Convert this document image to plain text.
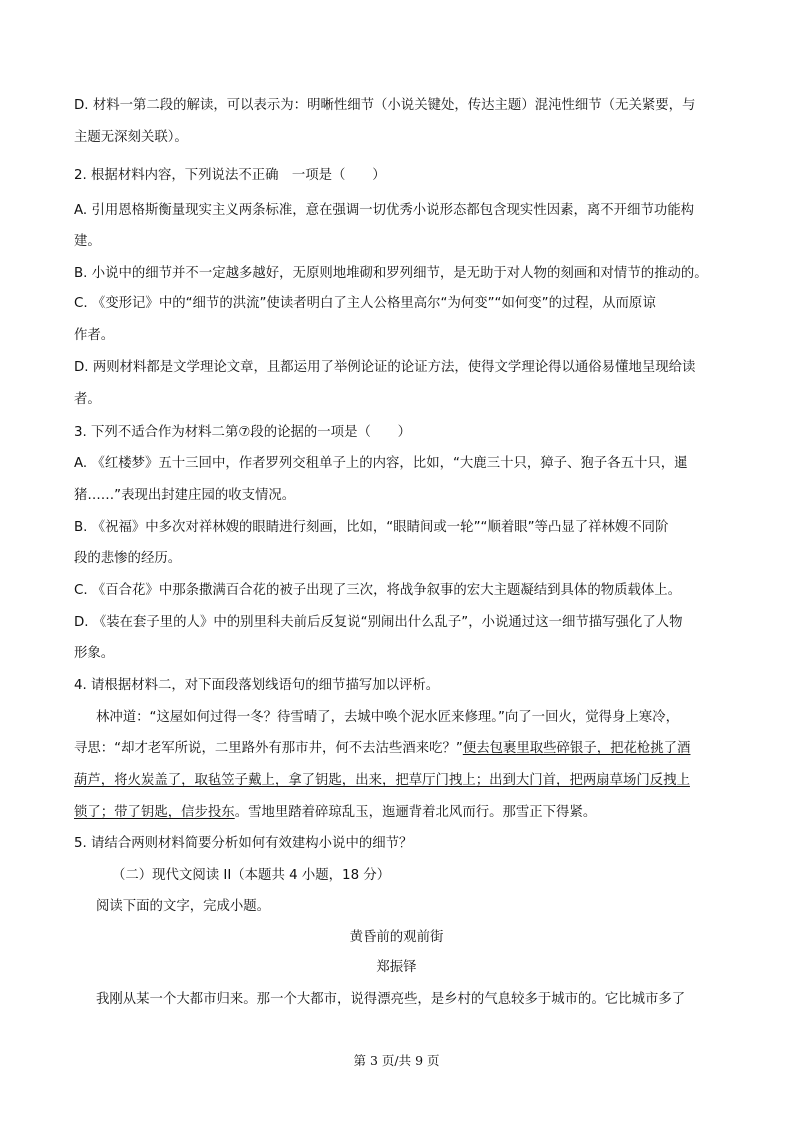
D. 材料一第二段的解读，可以表示为：明晰性细节（小说关键处，传达主题）混沌性细节（无关紧要，与
主题无深刻关联）。
2. 根据材料内容，下列说法不正确　一项是（　　）
A. 引用恩格斯衡量现实主义两条标准，意在强调一切优秀小说形态都包含现实性因素，离不开细节功能构
建。
B. 小说中的细节并不一定越多越好，无原则地堆砌和罗列细节，是无助于对人物的刻画和对情节的推动的。
C. 《变形记》中的“细节的洪流”使读者明白了主人公格里高尔“为何变”“如何变”的过程，从而原谅
作者。
D. 两则材料都是文学理论文章，且都运用了举例论证的论证方法，使得文学理论得以通俗易懂地呈现给读
者。
3. 下列不适合作为材料二第⑦段的论据的一项是（　　）
A. 《红楼梦》五十三回中，作者罗列交租单子上的内容，比如，“大鹿三十只，獐子、狍子各五十只，暹
猪……”表现出封建庄园的收支情况。
B. 《祝福》中多次对祥林嫂的眼睛进行刻画，比如，“眼睛间或一轮”“顺着眼”等凸显了祥林嫂不同阶
段的悲惨的经历。
C. 《百合花》中那条撒满百合花的被子出现了三次，将战争叙事的宏大主题凝结到具体的物质载体上。
D. 《装在套子里的人》中的别里科夫前后反复说“别闹出什么乱子”，小说通过这一细节描写强化了人物
形象。
4. 请根据材料二，对下面段落划线语句的细节描写加以评析。
林冲道：“这屋如何过得一冬？待雪晴了，去城中唤个泥水匠来修理。”向了一回火，觉得身上寒冷，
寻思：“却才老军所说，二里路外有那市井，何不去沽些酒来吃？”便去包裹里取些碎银子，把花枪挑了酒
葫芦，将火炭盖了，取毡笠子戴上，拿了钥匙，出来，把草厅门拽上；出到大门首，把两扇草场门反拽上
锁了；带了钥匙，信步投东。雪地里踏着碎琼乱玉，迤逦背着北风而行。那雪正下得紧。
5. 请结合两则材料简要分析如何有效建构小说中的细节？
（二）现代文阅读 II（本题共 4 小题，18 分）
阅读下面的文字，完成小题。
黄昏前的观前街
郑振铎
我刚从某一个大都市归来。那一个大都市，说得漂亮些，是乡村的气息较多于城市的。它比城市多了
第 3 页/共 9 页
